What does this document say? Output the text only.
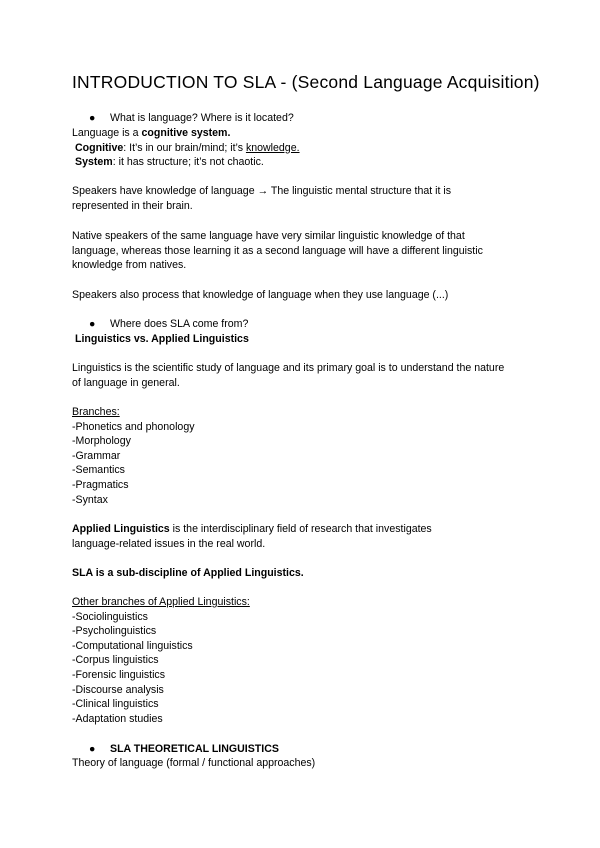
INTRODUCTION TO SLA - (Second Language Acquisition)
● What is language? Where is it located?
Language is a cognitive system.
Cognitive: It’s in our brain/mind; it’s knowledge.
System: it has structure; it’s not chaotic.
Speakers have knowledge of language → The linguistic mental structure that it is
represented in their brain.
Native speakers of the same language have very similar linguistic knowledge of that
language, whereas those learning it as a second language will have a different linguistic
knowledge from natives.
Speakers also process that knowledge of language when they use language (...)
● Where does SLA come from?
Linguistics vs. Applied Linguistics
Linguistics is the scientific study of language and its primary goal is to understand the nature
of language in general.
Branches:
-Phonetics and phonology
-Morphology
-Grammar
-Semantics
-Pragmatics
-Syntax
Applied Linguistics is the interdisciplinary field of research that investigates
language-related issues in the real world.
SLA is a sub-discipline of Applied Linguistics.
Other branches of Applied Linguistics:
-Sociolinguistics
-Psycholinguistics
-Computational linguistics
-Corpus linguistics
-Forensic linguistics
-Discourse analysis
-Clinical linguistics
-Adaptation studies
● SLA THEORETICAL LINGUISTICS
Theory of language (formal / functional approaches)
